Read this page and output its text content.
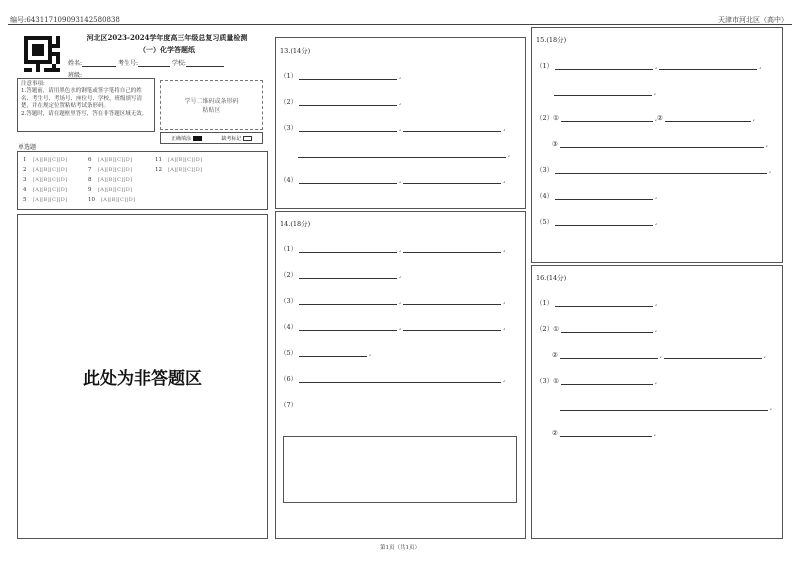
编号:643117109093142580838	天津市河北区（高中）
河北区2023-2024学年度高三年级总复习质量检测
（一）化学答题纸
姓名:	考生号:	学校:
班级:
注意事项:
1.答题前，请用黑色水的钢笔或签字笔将自己的姓名、考生号、考场号、座位号、学校、班级填写清楚，并在规定位置粘贴考试条形码。
2.答题时，请在题框里答写，答在非答题区域无效。
学号二维码或条形码
粘贴区
正确填涂	缺考标记
单选题
1 [A][B][C][D]
2 [A][B][C][D]
3 [A][B][C][D]
4 [A][B][C][D]
5 [A][B][C][D]
6 [A][B][C][D]
7 [A][B][C][D]
8 [A][B][C][D]
9 [A][B][C][D]
10 [A][B][C][D]
11 [A][B][C][D]
12 [A][B][C][D]
此处为非答题区
13.(14分)
（1）	,
（2）	,
（3）	,	,
,
（4）	,	,
14.(18分)
（1）	,	,
（2）	,
（3）	,	,
（4）	,	,
（5）	,
（6）	,
（7）
15.(18分)
（1）	,	,
,
（2） ①	, ②	,
③	,
（3）	,
（4）	,
（5）	,
16.(14分)
（1）	,
（2） ①	,
②	,	,
（3） ①	,
,
②	,
第1页（共1页）
